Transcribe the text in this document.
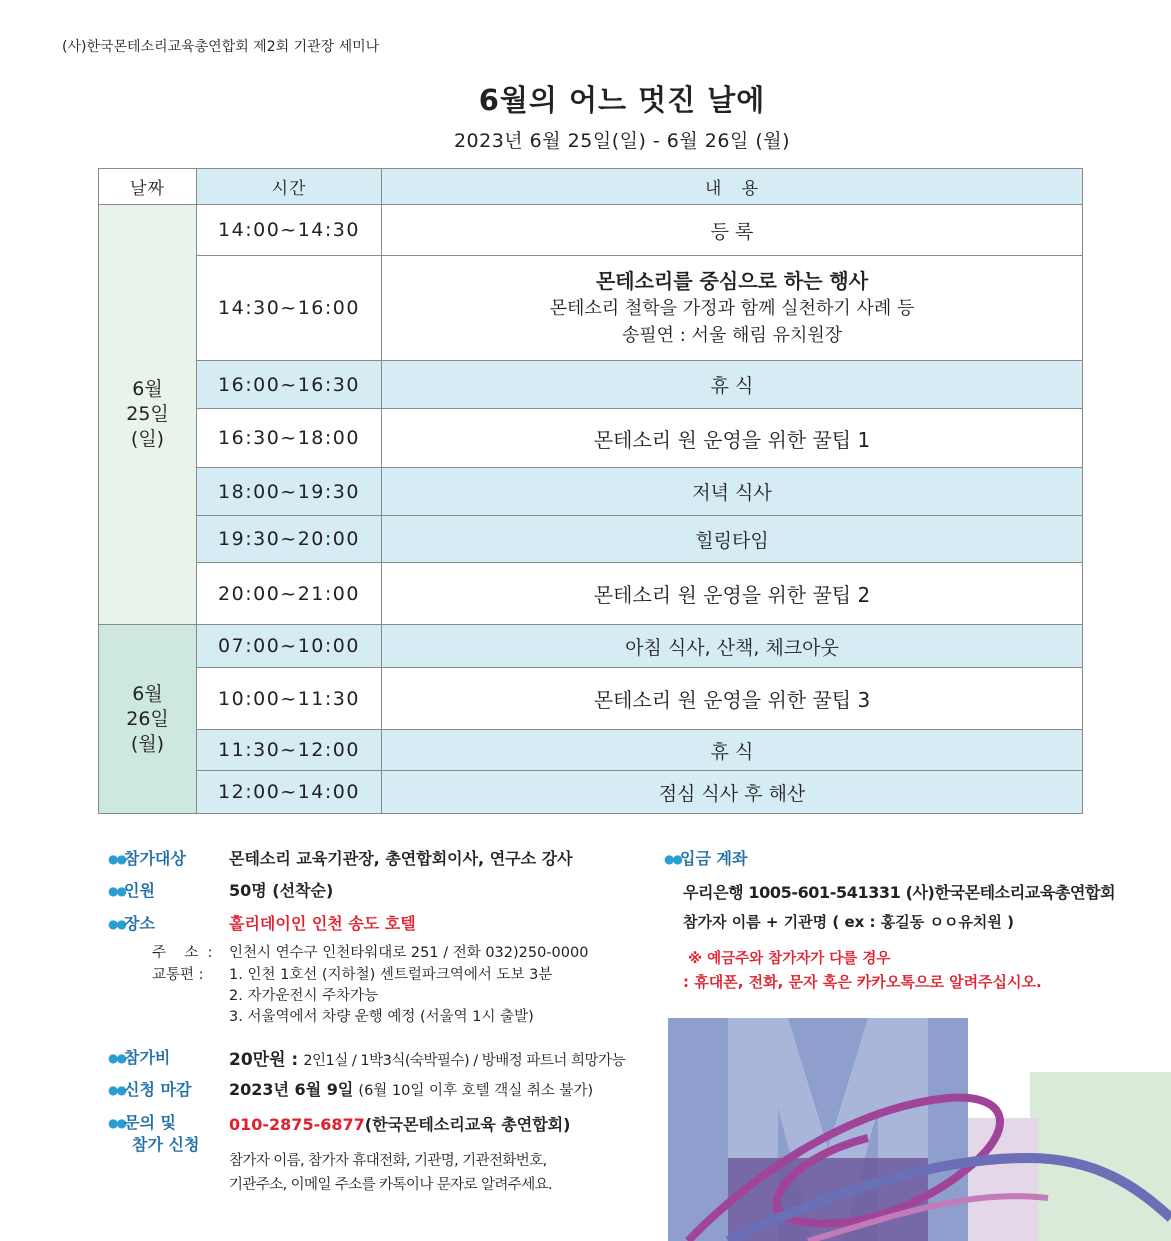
(사)한국몬테소리교육총연합회 제2회 기관장 세미나
6월의 어느 멋진 날에
2023년 6월 25일(일) - 6월 26일 (월)
날짜	시간	내   용
6월
25일
(일)	14:00~14:30	등 록
	14:30~16:00	몬테소리를 중심으로 하는 행사
몬테소리 철학을 가정과 함께 실천하기 사례 등
송필연 : 서울 해림 유치원장

	16:00~16:30	휴 식
	16:30~18:00	몬테소리 원 운영을 위한 꿀팁 1
	18:00~19:30	저녁 식사
	19:30~20:00	힐링타임
	20:00~21:00	몬테소리 원 운영을 위한 꿀팁 2
6월
26일
(월)	07:00~10:00	아침 식사, 산책, 체크아웃
	10:00~11:30	몬테소리 원 운영을 위한 꿀팁 3
	11:30~12:00	휴 식
	12:00~14:00	점심 식사 후 해산
●●참가대상	몬테소리 교육기관장, 총연합회이사, 연구소 강사
●●인원	50명 (선착순)
●●장소	홀리데이인 인천 송도 호텔
주    소  : 인천시 연수구 인천타워대로 251 / 전화 032)250-0000
교통편 : 1. 인천 1호선 (지하철) 센트럴파크역에서 도보 3분
2. 자가운전시 주차가능
3. 서울역에서 차량 운행 예정 (서울역 1시 출발)
●●참가비	20만원 : 2인1실 / 1박3식(숙박필수) / 방배정 파트너 희망가능
●●신청 마감 2023년 6월 9일 (6월 10일 이후 호텔 객실 취소 불가)
●●문의 및
참가 신청
010-2875-6877(한국몬테소리교육 총연합회)
참가자 이름, 참가자 휴대전화, 기관명, 기관전화번호,
기관주소, 이메일 주소를 카톡이나 문자로 알려주세요.
●●입금 계좌
우리은행 1005-601-541331 (사)한국몬테소리교육총연합회
참가자 이름 + 기관명 ( ex : 홍길동 ㅇㅇ유치원 )
※ 예금주와 참가자가 다를 경우
: 휴대폰, 전화, 문자 혹은 카카오톡으로 알려주십시오.
